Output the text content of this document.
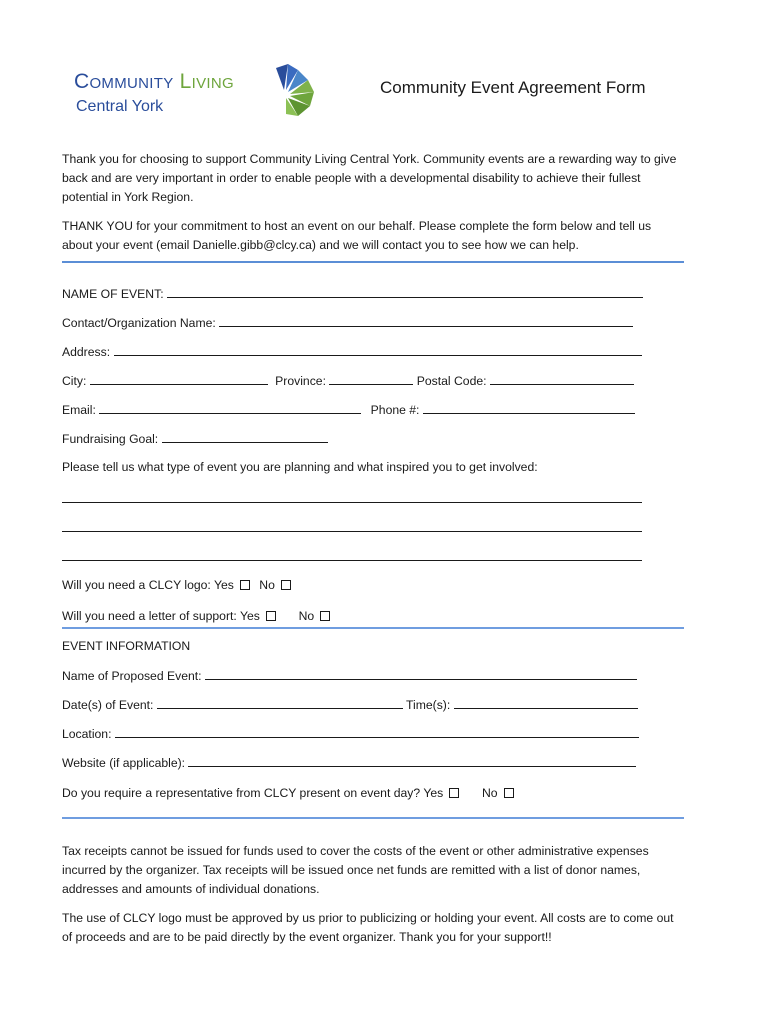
Community Living
Central York
Community Event Agreement Form
Thank you for choosing to support Community Living Central York. Community events are a rewarding way to give back and are very important in order to enable people with a developmental disability to achieve their fullest potential in York Region.
THANK YOU for your commitment to host an event on our behalf. Please complete the form below and tell us about your event (email Danielle.gibb@clcy.ca) and we will contact you to see how we can help.
NAME OF EVENT:
Contact/Organization Name:
Address:
City:	Province:	Postal Code:
Email:	Phone #:
Fundraising Goal:
Please tell us what type of event you are planning and what inspired you to get involved:
Will you need a CLCY logo: Yes No
Will you need a letter of support: Yes	No
EVENT INFORMATION
Name of Proposed Event:
Date(s) of Event:	Time(s):
Location:
Website (if applicable):
Do you require a representative from CLCY present on event day? Yes	No
Tax receipts cannot be issued for funds used to cover the costs of the event or other administrative expenses incurred by the organizer. Tax receipts will be issued once net funds are remitted with a list of donor names, addresses and amounts of individual donations.
The use of CLCY logo must be approved by us prior to publicizing or holding your event. All costs are to come out of proceeds and are to be paid directly by the event organizer. Thank you for your support!!
